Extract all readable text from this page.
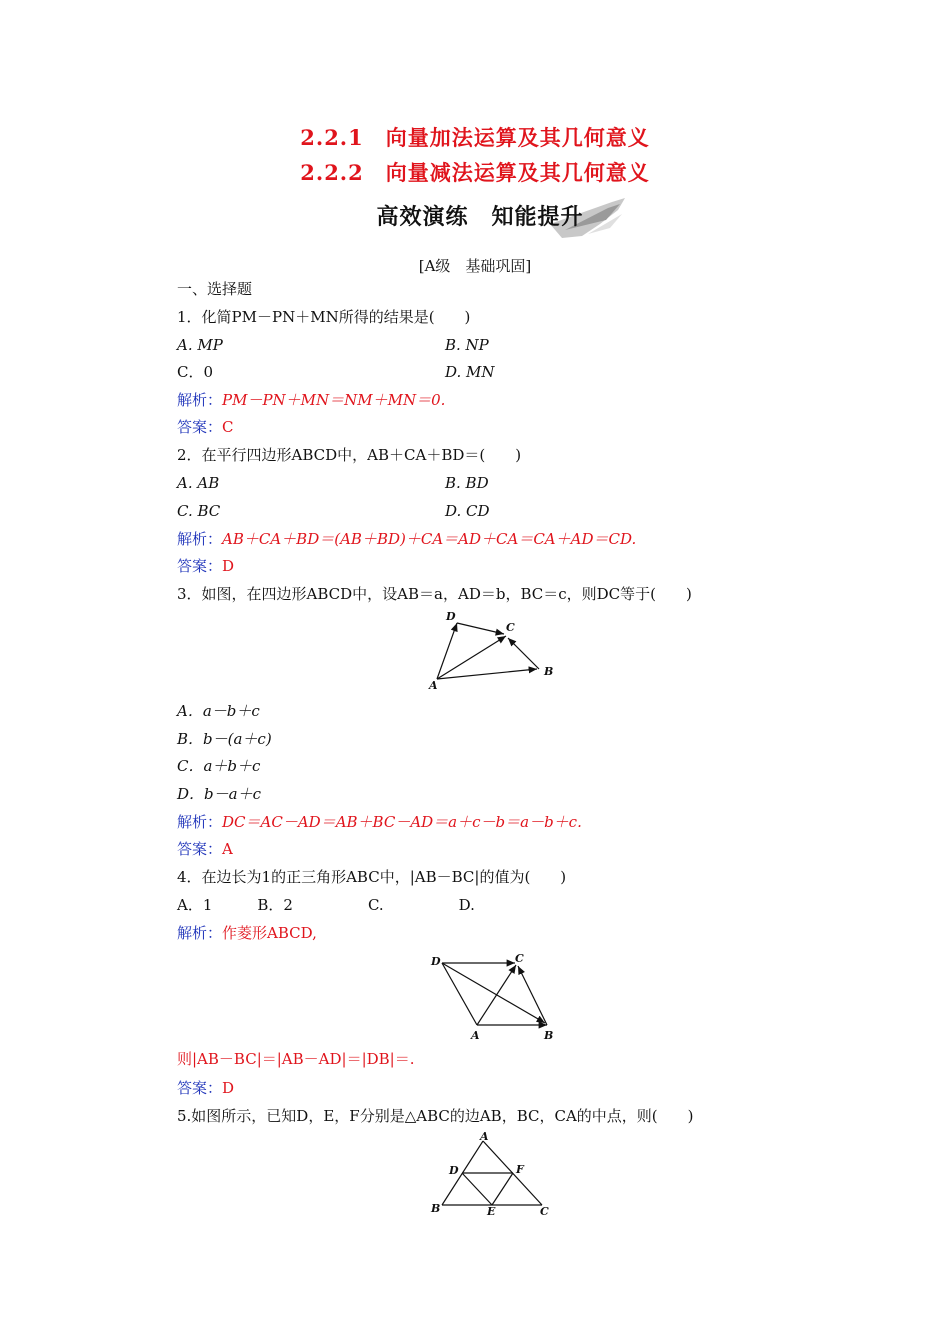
2.2.1　向量加法运算及其几何意义
2.2.2　向量减法运算及其几何意义
高效演练　知能提升
[A级　基础巩固]
一、选择题
1．化简PM－PN＋MN所得的结果是(　　)
A. MP	B. NP
C．0	D. MN
解析：PM－PN＋MN＝NM＋MN＝0.
答案：C
2．在平行四边形ABCD中，AB＋CA＋BD＝(　　)
A. AB	B. BD
C. BC	D. CD
解析：AB＋CA＋BD＝(AB＋BD)＋CA＝AD＋CA＝CA＋AD＝CD.
答案：D
3．如图，在四边形ABCD中，设AB＝a，AD＝b，BC＝c，则DC等于(　　)
D
C
B
A
A．a－b＋c
B．b－(a＋c)
C．a＋b＋c
D．b－a＋c
解析：DC＝AC－AD＝AB＋BC－AD＝a＋c－b＝a－b＋c.
答案：A
4．在边长为1的正三角形ABC中，|AB－BC|的值为(　　)
A．1　　　B．2　　　　　C.　　　　　D.
解析：作菱形ABCD,
D	C
A	B
则|AB－BC|＝|AB－AD|＝|DB|＝.
答案：D
5.如图所示，已知D，E，F分别是△ABC的边AB，BC，CA的中点，则(　　)
A
D	F
B	E	C
